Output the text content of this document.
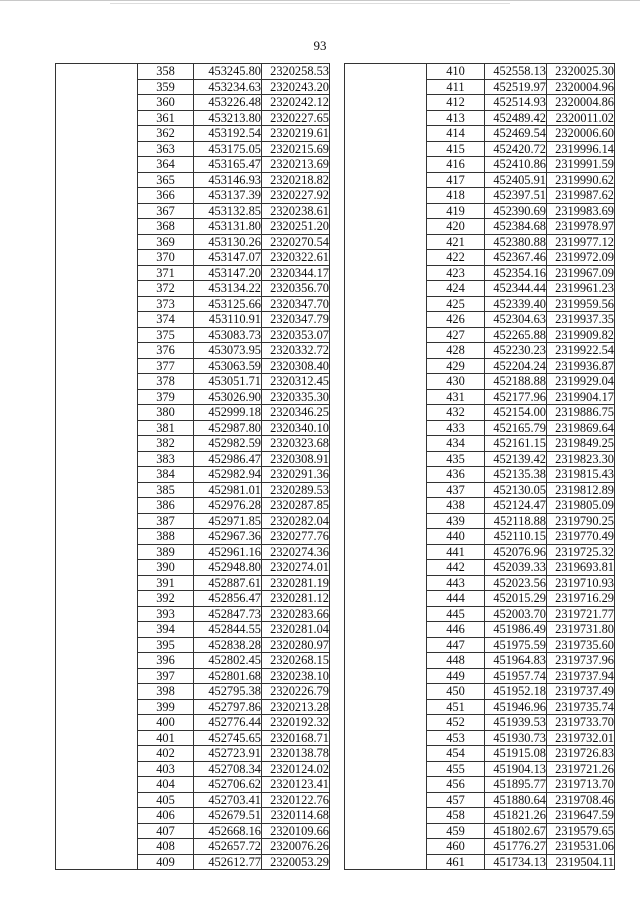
93
	358	453245.80	2320258.53
	359	453234.63	2320243.20
	360	453226.48	2320242.12
	361	453213.80	2320227.65
	362	453192.54	2320219.61
	363	453175.05	2320215.69
	364	453165.47	2320213.69
	365	453146.93	2320218.82
	366	453137.39	2320227.92
	367	453132.85	2320238.61
	368	453131.80	2320251.20
	369	453130.26	2320270.54
	370	453147.07	2320322.61
	371	453147.20	2320344.17
	372	453134.22	2320356.70
	373	453125.66	2320347.70
	374	453110.91	2320347.79
	375	453083.73	2320353.07
	376	453073.95	2320332.72
	377	453063.59	2320308.40
	378	453051.71	2320312.45
	379	453026.90	2320335.30
	380	452999.18	2320346.25
	381	452987.80	2320340.10
	382	452982.59	2320323.68
	383	452986.47	2320308.91
	384	452982.94	2320291.36
	385	452981.01	2320289.53
	386	452976.28	2320287.85
	387	452971.85	2320282.04
	388	452967.36	2320277.76
	389	452961.16	2320274.36
	390	452948.80	2320274.01
	391	452887.61	2320281.19
	392	452856.47	2320281.12
	393	452847.73	2320283.66
	394	452844.55	2320281.04
	395	452838.28	2320280.97
	396	452802.45	2320268.15
	397	452801.68	2320238.10
	398	452795.38	2320226.79
	399	452797.86	2320213.28
	400	452776.44	2320192.32
	401	452745.65	2320168.71
	402	452723.91	2320138.78
	403	452708.34	2320124.02
	404	452706.62	2320123.41
	405	452703.41	2320122.76
	406	452679.51	2320114.68
	407	452668.16	2320109.66
	408	452657.72	2320076.26
	409	452612.77	2320053.29
	410	452558.13	2320025.30
	411	452519.97	2320004.96
	412	452514.93	2320004.86
	413	452489.42	2320011.02
	414	452469.54	2320006.60
	415	452420.72	2319996.14
	416	452410.86	2319991.59
	417	452405.91	2319990.62
	418	452397.51	2319987.62
	419	452390.69	2319983.69
	420	452384.68	2319978.97
	421	452380.88	2319977.12
	422	452367.46	2319972.09
	423	452354.16	2319967.09
	424	452344.44	2319961.23
	425	452339.40	2319959.56
	426	452304.63	2319937.35
	427	452265.88	2319909.82
	428	452230.23	2319922.54
	429	452204.24	2319936.87
	430	452188.88	2319929.04
	431	452177.96	2319904.17
	432	452154.00	2319886.75
	433	452165.79	2319869.64
	434	452161.15	2319849.25
	435	452139.42	2319823.30
	436	452135.38	2319815.43
	437	452130.05	2319812.89
	438	452124.47	2319805.09
	439	452118.88	2319790.25
	440	452110.15	2319770.49
	441	452076.96	2319725.32
	442	452039.33	2319693.81
	443	452023.56	2319710.93
	444	452015.29	2319716.29
	445	452003.70	2319721.77
	446	451986.49	2319731.80
	447	451975.59	2319735.60
	448	451964.83	2319737.96
	449	451957.74	2319737.94
	450	451952.18	2319737.49
	451	451946.96	2319735.74
	452	451939.53	2319733.70
	453	451930.73	2319732.01
	454	451915.08	2319726.83
	455	451904.13	2319721.26
	456	451895.77	2319713.70
	457	451880.64	2319708.46
	458	451821.26	2319647.59
	459	451802.67	2319579.65
	460	451776.27	2319531.06
	461	451734.13	2319504.11
